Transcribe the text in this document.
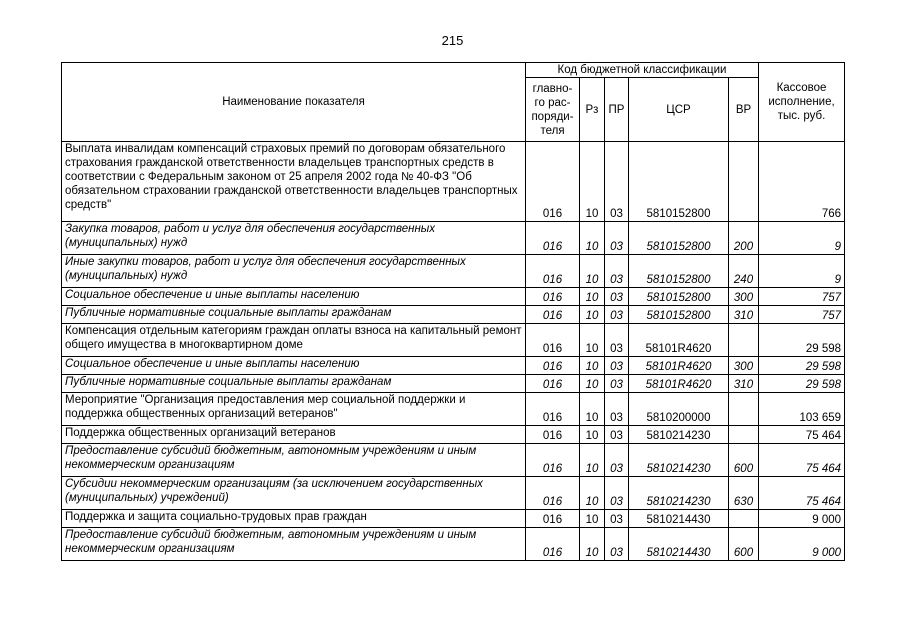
215
Наименование показателя	Код бюджетной классификации					Кассовое исполнение, тыс. руб.
	главно-го рас-поряди-теля	Рз	ПР	ЦСР	ВР	
Выплата инвалидам компенсаций страховых премий по договорам обязательного страхования гражданской ответственности владельцев транспортных средств в соответствии с Федеральным законом от 25 апреля 2002 года № 40-ФЗ "Об обязательном страховании гражданской ответственности владельцев транспортных средств"	016	10	03	5810152800		766
Закупка товаров, работ и услуг для обеспечения государственных (муниципальных) нужд	016	10	03	5810152800	200	9
Иные закупки товаров, работ и услуг для обеспечения государственных (муниципальных) нужд	016	10	03	5810152800	240	9
Социальное обеспечение и иные выплаты населению	016	10	03	5810152800	300	757
Публичные нормативные социальные выплаты гражданам	016	10	03	5810152800	310	757
Компенсация отдельным категориям граждан оплаты взноса на капитальный ремонт общего имущества в многоквартирном доме	016	10	03	58101R4620		29 598
Социальное обеспечение и иные выплаты населению	016	10	03	58101R4620	300	29 598
Публичные нормативные социальные выплаты гражданам	016	10	03	58101R4620	310	29 598
Мероприятие "Организация предоставления мер социальной поддержки и поддержка общественных организаций ветеранов"	016	10	03	5810200000		103 659
Поддержка общественных организаций ветеранов	016	10	03	5810214230		75 464
Предоставление субсидий бюджетным, автономным учреждениям и иным некоммерческим организациям	016	10	03	5810214230	600	75 464
Субсидии некоммерческим организациям (за исключением государственных (муниципальных) учреждений)	016	10	03	5810214230	630	75 464
Поддержка и защита социально-трудовых прав граждан	016	10	03	5810214430		9 000
Предоставление субсидий бюджетным, автономным учреждениям и иным некоммерческим организациям	016	10	03	5810214430	600	9 000
